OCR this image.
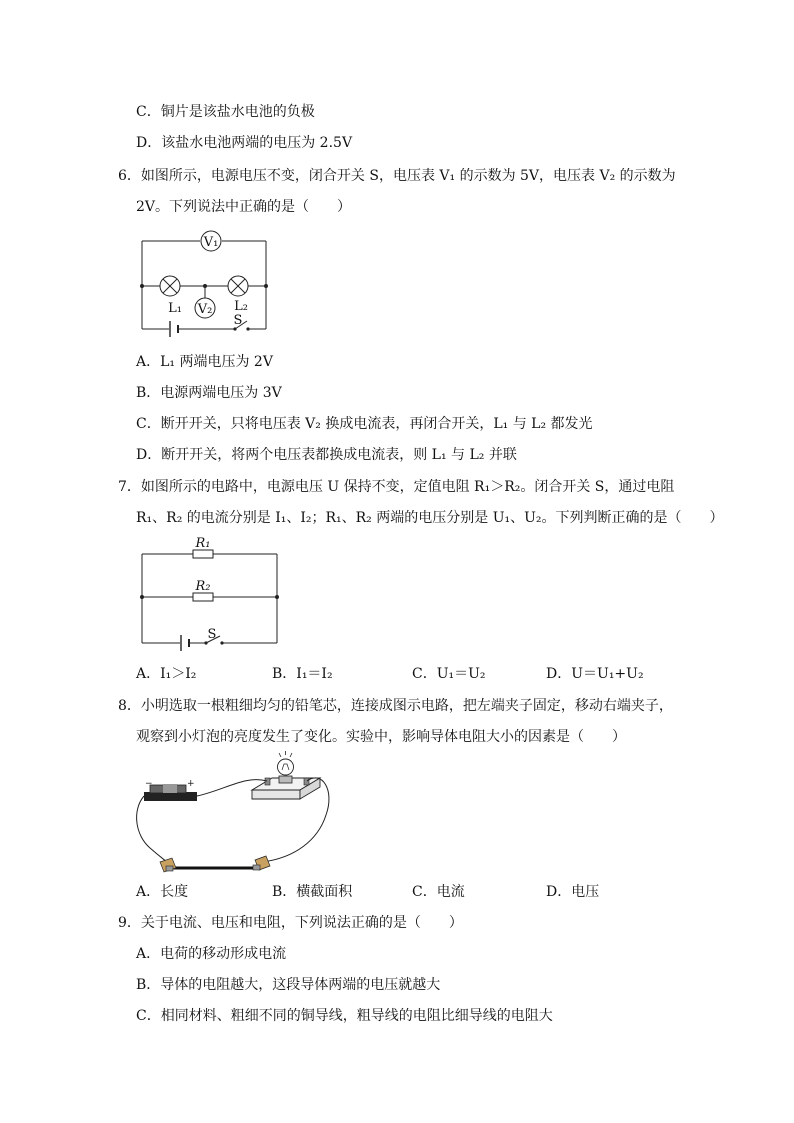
C．铜片是该盐水电池的负极
D．该盐水电池两端的电压为 2.5V
6．如图所示，电源电压不变，闭合开关 S，电压表 V₁ 的示数为 5V，电压表 V₂ 的示数为
2V。下列说法中正确的是（　　）
V₁
V₂
L₁	L₂
S
A．L₁ 两端电压为 2V
B．电源两端电压为 3V
C．断开开关，只将电压表 V₂ 换成电流表，再闭合开关，L₁ 与 L₂ 都发光
D．断开开关，将两个电压表都换成电流表，则 L₁ 与 L₂ 并联
7．如图所示的电路中，电源电压 U 保持不变，定值电阻 R₁＞R₂。闭合开关 S，通过电阻
R₁、R₂ 的电流分别是 I₁、I₂；R₁、R₂ 两端的电压分别是 U₁、U₂。下列判断正确的是（　　）
R₁
R₂
S
A．I₁＞I₂	B．I₁＝I₂	C．U₁＝U₂	D．U＝U₁+U₂
8．小明选取一根粗细均匀的铅笔芯，连接成图示电路，把左端夹子固定，移动右端夹子，
观察到小灯泡的亮度发生了变化。实验中，影响导体电阻大小的因素是（　　）
−	+
A．长度	B．横截面积	C．电流	D．电压
9．关于电流、电压和电阻，下列说法正确的是（　　）
A．电荷的移动形成电流
B．导体的电阻越大，这段导体两端的电压就越大
C．相同材料、粗细不同的铜导线，粗导线的电阻比细导线的电阻大
